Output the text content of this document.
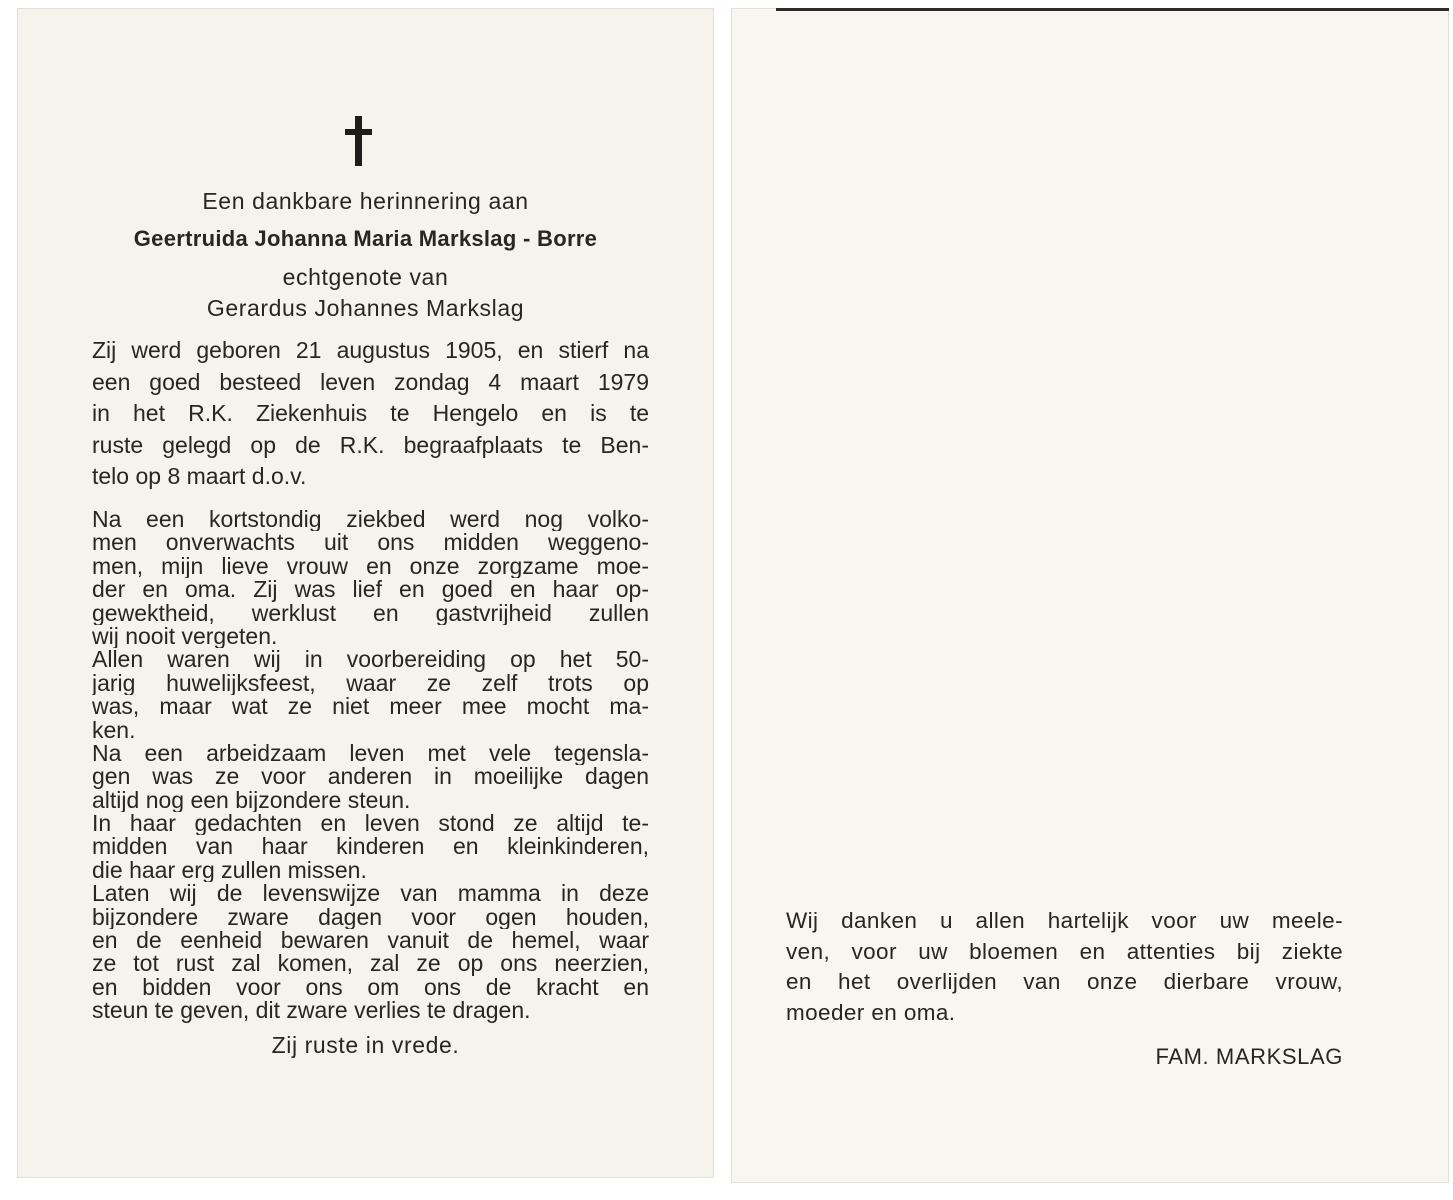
Een dankbare herinnering aan
Geertruida Johanna Maria Markslag - Borre
echtgenote van
Gerardus Johannes Markslag
Zij werd geboren 21 augustus 1905, en stierf na
een goed besteed leven zondag 4 maart 1979
in het R.K. Ziekenhuis te Hengelo en is te
ruste gelegd op de R.K. begraafplaats te Ben-
telo op 8 maart d.o.v.
Na een kortstondig ziekbed werd nog volko-
men onverwachts uit ons midden weggeno-
men, mijn lieve vrouw en onze zorgzame moe-
der en oma. Zij was lief en goed en haar op-
gewektheid, werklust en gastvrijheid zullen
wij nooit vergeten.
Allen waren wij in voorbereiding op het 50-
jarig huwelijksfeest, waar ze zelf trots op
was, maar wat ze niet meer mee mocht ma-
ken.
Na een arbeidzaam leven met vele tegensla-
gen was ze voor anderen in moeilijke dagen
altijd nog een bijzondere steun.
In haar gedachten en leven stond ze altijd te-
midden van haar kinderen en kleinkinderen,
die haar erg zullen missen.
Laten wij de levenswijze van mamma in deze
bijzondere zware dagen voor ogen houden,
en de eenheid bewaren vanuit de hemel, waar
ze tot rust zal komen, zal ze op ons neerzien,
en bidden voor ons om ons de kracht en
steun te geven, dit zware verlies te dragen.
Zij ruste in vrede.
Wij danken u allen hartelijk voor uw meele-
ven, voor uw bloemen en attenties bij ziekte
en het overlijden van onze dierbare vrouw,
moeder en oma.
FAM. MARKSLAG
